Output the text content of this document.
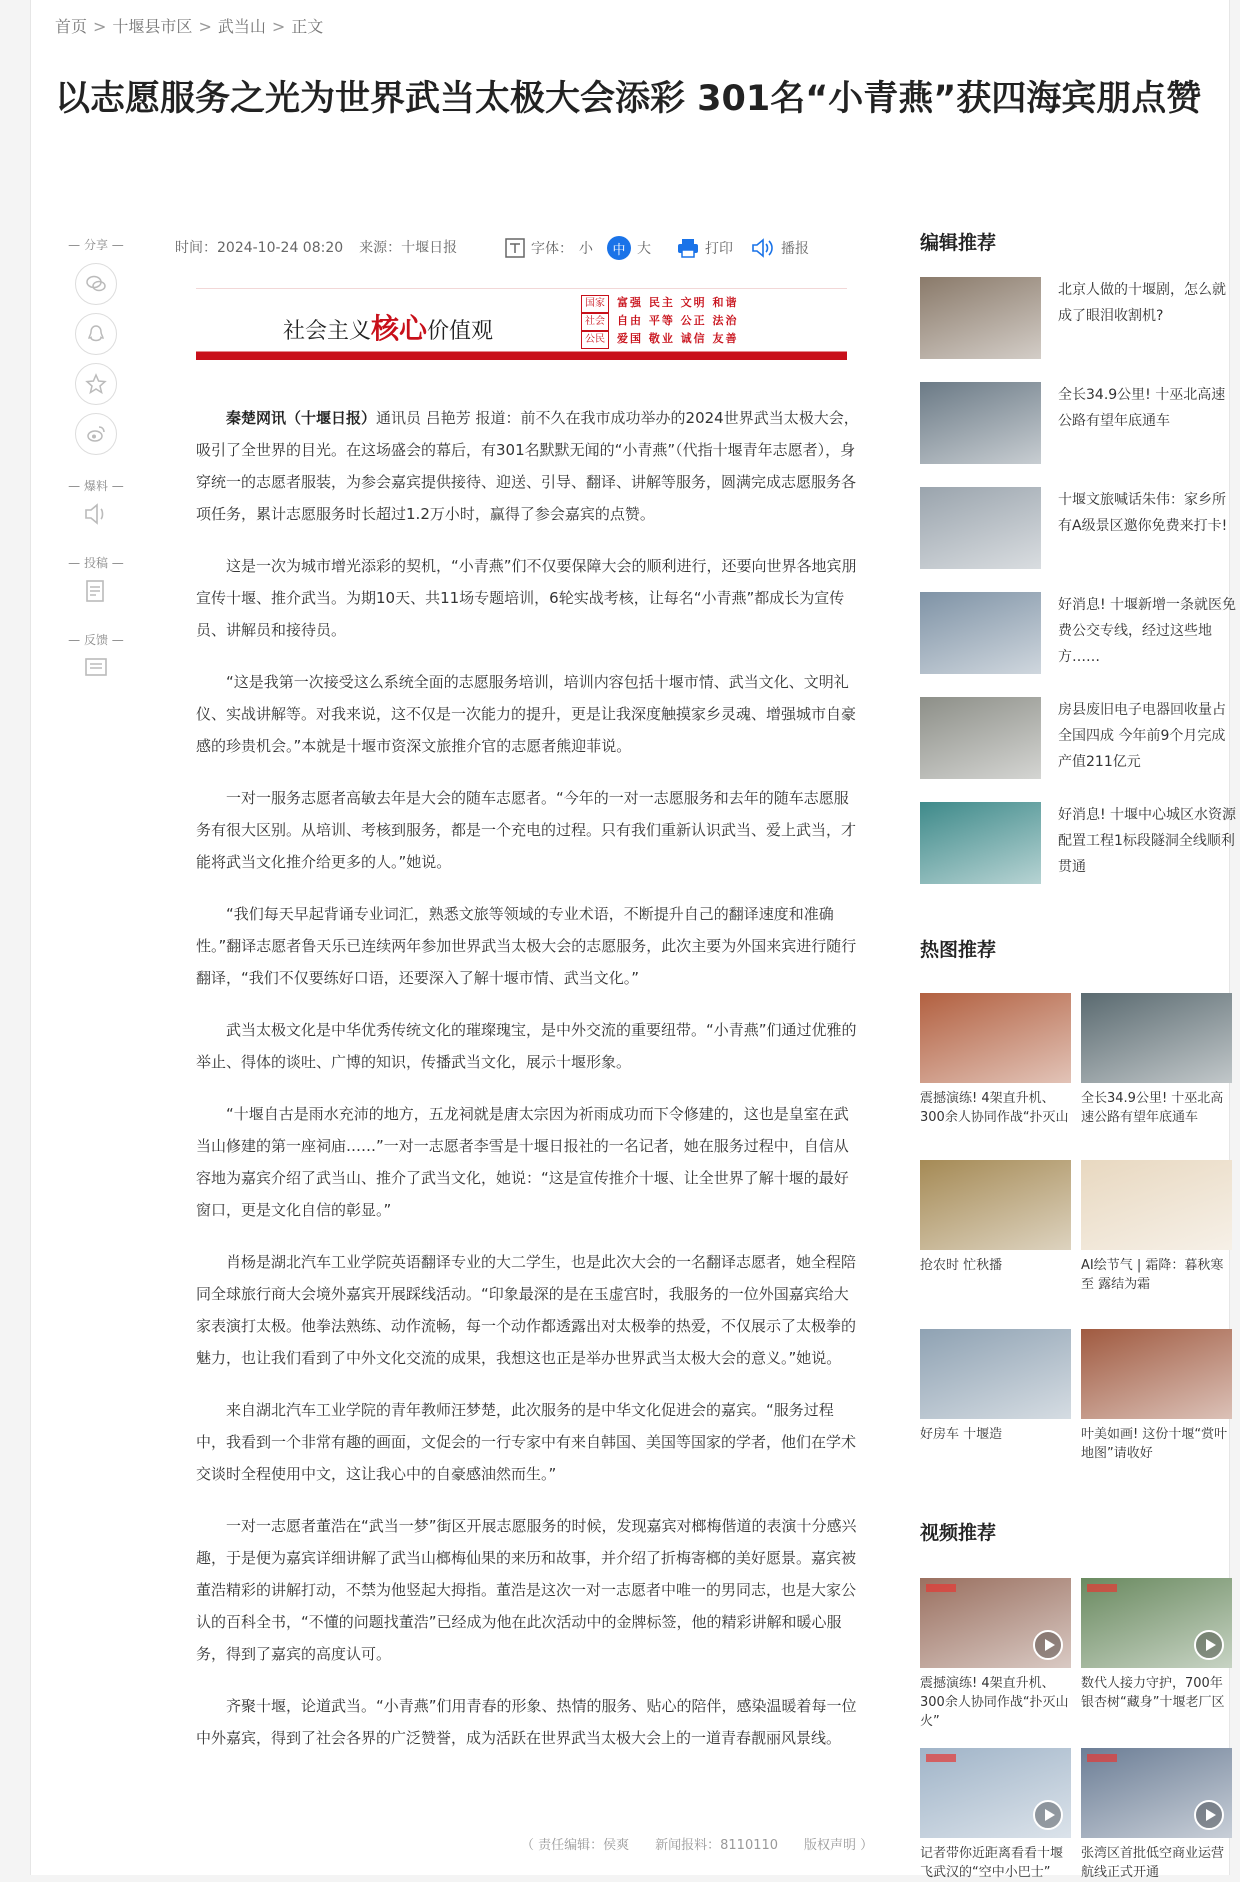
首页 > 十堰县市区 > 武当山 > 正文
以志愿服务之光为世界武当太极大会添彩 301名“小青燕”获四海宾朋点赞
— 分享 —
— 爆料 —
— 投稿 —
— 反馈 —
时间：2024-10-24 08:20 来源：十堰日报	字体： 小	中 大	打印	播报
社会主义核心价值观
国家	富强 民主 文明 和谐
社会	自由 平等 公正 法治
公民	爱国 敬业 诚信 友善

秦楚网讯（十堰日报）通讯员 吕艳芳 报道：前不久在我市成功举办的2024世界武当太极大会，吸引了全世界的目光。在这场盛会的幕后，有301名默默无闻的“小青燕”（代指十堰青年志愿者），身穿统一的志愿者服装，为参会嘉宾提供接待、迎送、引导、翻译、讲解等服务，圆满完成志愿服务各项任务，累计志愿服务时长超过1.2万小时，赢得了参会嘉宾的点赞。

这是一次为城市增光添彩的契机，“小青燕”们不仅要保障大会的顺利进行，还要向世界各地宾朋宣传十堰、推介武当。为期10天、共11场专题培训，6轮实战考核，让每名“小青燕”都成长为宣传员、讲解员和接待员。

“这是我第一次接受这么系统全面的志愿服务培训，培训内容包括十堰市情、武当文化、文明礼仪、实战讲解等。对我来说，这不仅是一次能力的提升，更是让我深度触摸家乡灵魂、增强城市自豪感的珍贵机会。”本就是十堰市资深文旅推介官的志愿者熊迎菲说。

一对一服务志愿者高敏去年是大会的随车志愿者。“今年的一对一志愿服务和去年的随车志愿服务有很大区别。从培训、考核到服务，都是一个充电的过程。只有我们重新认识武当、爱上武当，才能将武当文化推介给更多的人。”她说。

“我们每天早起背诵专业词汇，熟悉文旅等领域的专业术语，不断提升自己的翻译速度和准确性。”翻译志愿者鲁天乐已连续两年参加世界武当太极大会的志愿服务，此次主要为外国来宾进行随行翻译，“我们不仅要练好口语，还要深入了解十堰市情、武当文化。”

武当太极文化是中华优秀传统文化的璀璨瑰宝，是中外交流的重要纽带。“小青燕”们通过优雅的举止、得体的谈吐、广博的知识，传播武当文化，展示十堰形象。

“十堰自古是雨水充沛的地方，五龙祠就是唐太宗因为祈雨成功而下令修建的，这也是皇室在武当山修建的第一座祠庙……”一对一志愿者李雪是十堰日报社的一名记者，她在服务过程中，自信从容地为嘉宾介绍了武当山、推介了武当文化，她说：“这是宣传推介十堰、让全世界了解十堰的最好窗口，更是文化自信的彰显。”

肖杨是湖北汽车工业学院英语翻译专业的大二学生，也是此次大会的一名翻译志愿者，她全程陪同全球旅行商大会境外嘉宾开展踩线活动。“印象最深的是在玉虚宫时，我服务的一位外国嘉宾给大家表演打太极。他拳法熟练、动作流畅，每一个动作都透露出对太极拳的热爱，不仅展示了太极拳的魅力，也让我们看到了中外文化交流的成果，我想这也正是举办世界武当太极大会的意义。”她说。

来自湖北汽车工业学院的青年教师汪梦楚，此次服务的是中华文化促进会的嘉宾。“服务过程中，我看到一个非常有趣的画面，文促会的一行专家中有来自韩国、美国等国家的学者，他们在学术交谈时全程使用中文，这让我心中的自豪感油然而生。”

一对一志愿者董浩在“武当一梦”街区开展志愿服务的时候，发现嘉宾对榔梅偕道的表演十分感兴趣，于是便为嘉宾详细讲解了武当山榔梅仙果的来历和故事，并介绍了折梅寄榔的美好愿景。嘉宾被董浩精彩的讲解打动，不禁为他竖起大拇指。董浩是这次一对一志愿者中唯一的男同志，也是大家公认的百科全书，“不懂的问题找董浩”已经成为他在此次活动中的金牌标签，他的精彩讲解和暖心服务，得到了嘉宾的高度认可。

齐聚十堰，论道武当。“小青燕”们用青春的形象、热情的服务、贴心的陪伴，感染温暖着每一位中外嘉宾，得到了社会各界的广泛赞誉，成为活跃在世界武当太极大会上的一道青春靓丽风景线。

（ 责任编辑：侯爽　　新闻报料：8110110　　版权声明 ）
编辑推荐
北京人做的十堰剧，怎么就成了眼泪收割机?
全长34.9公里! 十巫北高速公路有望年底通车
十堰文旅喊话朱伟：家乡所有A级景区邀你免费来打卡!
好消息! 十堰新增一条就医免费公交专线，经过这些地方……
房县废旧电子电器回收量占全国四成 今年前9个月完成产值211亿元
好消息! 十堰中心城区水资源配置工程1标段隧洞全线顺利贯通
热图推荐
震撼演练! 4架直升机、300余人协同作战“扑灭山
全长34.9公里! 十巫北高速公路有望年底通车
抢农时 忙秋播	AI绘节气 | 霜降：暮秋寒至 露结为霜
好房车 十堰造	叶美如画! 这份十堰“赏叶地图”请收好
视频推荐
震撼演练! 4架直升机、300余人协同作战“扑灭山火”
数代人接力守护，700年银杏树“藏身”十堰老厂区
记者带你近距离看看十堰飞武汉的“空中小巴士”
张湾区首批低空商业运营航线正式开通
